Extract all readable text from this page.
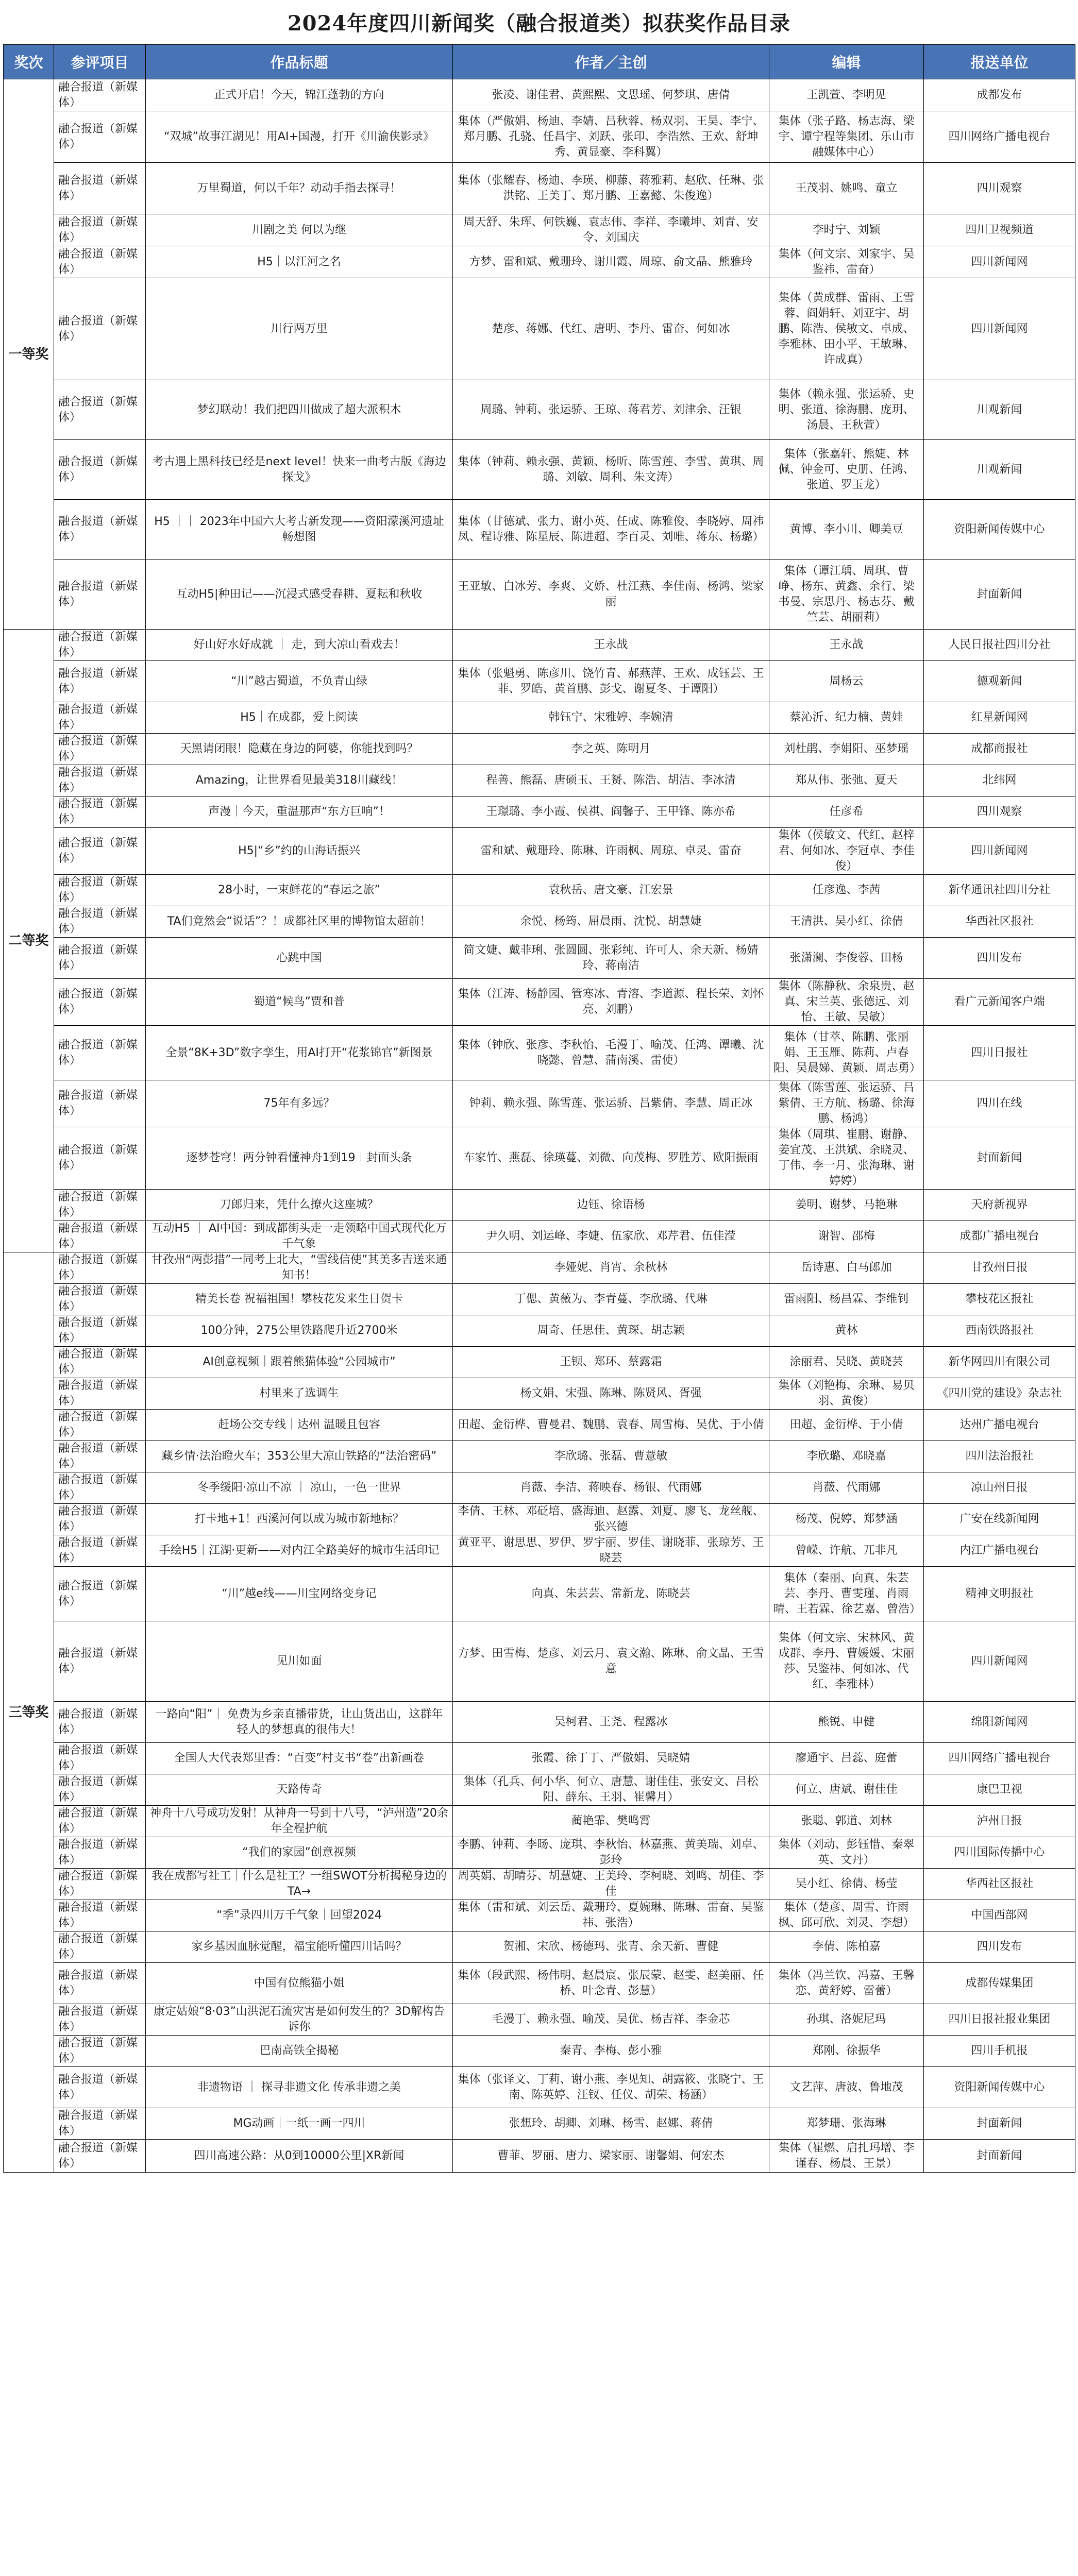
2024年度四川新闻奖（融合报道类）拟获奖作品目录
奖次	参评项目	作品标题	作者／主创	编辑	报送单位
一等奖	融合报道（新媒体）	正式开启！今天，锦江蓬勃的方向	张凌、谢佳君、黄熙熙、文思瑶、何梦琪、唐倩	王凯萱、李明见	成都发布
	融合报道（新媒体）	“双城”故事江湖见！用AI+国漫，打开《川渝侠影录》	集体（严傲娟、杨迪、李婧、吕秋蓉、杨双羽、王昊、李宁、郑月鹏、孔骁、任昌宇、刘跃、张印、李浩然、王欢、舒坤秀、黄显豪、李科翼）	集体（张子路、杨志海、梁宇、谭宁程等集团、乐山市融媒体中心）	四川网络广播电视台
	融合报道（新媒体）	万里蜀道，何以千年？动动手指去探寻！	集体（张耀春、杨迪、李瑛、柳藤、蒋雅莉、赵欣、任琳、张洪铭、王美丁、郑月鹏、王嘉懿、朱俊逸）	王茂羽、姚鸣、童立	四川观察
	融合报道（新媒体）	川剧之美 何以为继	周天舒、朱珲、何铁巍、袁志伟、李祥、李曦坤、刘青、安令、刘国庆	李时宁、刘颖	四川卫视频道
	融合报道（新媒体）	H5｜以江河之名	方梦、雷和斌、戴珊玲、谢川霞、周琼、俞文晶、熊雅玲	集体（何文宗、刘家宇、吴鉴祎、雷奋）	四川新闻网
	融合报道（新媒体）	川行两万里	楚彦、蒋娜、代红、唐明、李丹、雷奋、何如冰	集体（黄成群、雷雨、王雪蓉、阎娟轩、刘亚宇、胡鹏、陈浩、侯敏文、卓成、李雅林、田小平、王敏琳、许成真）	四川新闻网
	融合报道（新媒体）	梦幻联动！我们把四川做成了超大派积木	周璐、钟莉、张运骄、王琼、蒋君芳、刘津余、汪银	集体（赖永强、张运骄、史明、张道、徐海鹏、庞玥、汤晨、王秋萱）	川观新闻
	融合报道（新媒体）	考古遇上黑科技已经是next level！快来一曲考古版《海边探戈》	集体（钟莉、赖永强、黄颖、杨昕、陈雪莲、李雪、黄琪、周璐、刘敏、周利、朱文涛）	集体（张嘉轩、熊婕、林佩、钟金可、史册、任鸿、张道、罗玉龙）	川观新闻
	融合报道（新媒体）	H5 ｜｜ 2023年中国六大考古新发现——资阳濛溪河遗址畅想图	集体（甘德斌、张力、谢小英、任成、陈雅俊、李晓婷、周祎凤、程诗雅、陈星辰、陈进超、李百灵、刘唯、蒋东、杨璐）	黄博、李小川、卿美豆	资阳新闻传媒中心
	融合报道（新媒体）	互动H5|种田记——沉浸式感受春耕、夏耘和秋收	王亚敏、白冰芳、李爽、文娇、杜江燕、李佳南、杨鸿、梁家丽	集体（谭江瑀、周琪、曹峥、杨东、黄鑫、余行、梁书曼、宗思丹、杨志芬、戴竺芸、胡丽莉）	封面新闻
二等奖	融合报道（新媒体）	好山好水好成就 ｜ 走，到大凉山看戏去！	王永战	王永战	人民日报社四川分社
	融合报道（新媒体）	“川”越古蜀道，不负青山绿	集体（张魁勇、陈彦川、饶竹青、郝燕萍、王欢、成钰芸、王菲、罗皓、黄首鹏、彭戈、谢夏冬、于谭阳）	周杨云	德观新闻
	融合报道（新媒体）	H5｜在成都，爱上阅读	韩钰宁、宋雅婷、李婉清	蔡沁沂、纪力楠、黄娃	红星新闻网
	融合报道（新媒体）	天黑请闭眼！隐藏在身边的阿婆，你能找到吗？	李之英、陈明月	刘杜鹃、李娟阳、巫梦瑶	成都商报社
	融合报道（新媒体）	Amazing，让世界看见最美318川藏线！	程善、熊磊、唐硕玉、王赟、陈浩、胡洁、李冰清	郑从伟、张弛、夏天	北纬网
	融合报道（新媒体）	声漫｜今天，重温那声“东方巨响”！	王璟璐、李小霞、侯祺、阎馨子、王甲锋、陈亦希	任彦希	四川观察
	融合报道（新媒体）	H5|“乡”约的山海话振兴	雷和斌、戴珊玲、陈琳、许雨枫、周琼、卓灵、雷奋	集体（侯敏文、代红、赵梓君、何如冰、李冠卓、李佳俊）	四川新闻网
	融合报道（新媒体）	28小时，一束鲜花的“春运之旅”	袁秋岳、唐文豪、江宏景	任彦逸、李茜	新华通讯社四川分社
	融合报道（新媒体）	TA们竟然会“说话”？！成都社区里的博物馆太超前！	余悦、杨筠、屈晨雨、沈悦、胡慧婕	王清洪、吴小红、徐倩	华西社区报社
	融合报道（新媒体）	心跳中国	简文婕、戴菲琍、张圆圆、张彩纯、许可人、余天新、杨婧玲、蒋南洁	张潇澜、李俊蓉、田杨	四川发布
	融合报道（新媒体）	蜀道“候鸟”贾和普	集体（江涛、杨静园、管寒冰、青溶、李道源、程长荣、刘怀亮、刘鹏）	集体（陈静秋、余泉贵、赵真、宋兰英、张德远、刘怡、王敏、吴敏）	看广元新闻客户端
	融合报道（新媒体）	全景“8K+3D”数字孪生，用AI打开“花浆锦官”新图景	集体（钟欣、张彦、李秋怡、毛漫丁、喻茂、任鸿、谭曦、沈晓懿、曾慧、蒲南溪、雷使）	集体（甘萃、陈鹏、张丽娟、王玉雁、陈莉、卢春阳、吴晨娣、黄颖、周志勇）	四川日报社
	融合报道（新媒体）	75年有多远？	钟莉、赖永强、陈雪莲、张运骄、吕紫倩、李慧、周正冰	集体（陈雪莲、张运骄、吕紫倩、王方航、杨璐、徐海鹏、杨鸿）	四川在线
	融合报道（新媒体）	逐梦苍穹！两分钟看懂神舟1到19｜封面头条	车家竹、燕磊、徐瑛蔓、刘微、向茂梅、罗胜芳、欧阳振雨	集体（周琪、崔鹏、谢静、姜宜茂、王洪斌、余晓灵、丁伟、李一月、张海琳、谢婷婷）	封面新闻
	融合报道（新媒体）	刀郎归来，凭什么撩火这座城？	边钰、徐语杨	姜明、谢梦、马艳琳	天府新视界
	融合报道（新媒体）	互动H5 ｜ AI中国：到成都街头走一走领略中国式现代化万千气象	尹久明、刘运峰、李婕、伍家欣、邓芹君、伍佳滢	谢智、邵梅	成都广播电视台
三等奖	融合报道（新媒体）	甘孜州“两彭措”一同考上北大，“雪线信使”其美多吉送来通知书！	李娅妮、肖宵、余秋林	岳诗惠、白马郎加	甘孜州日报
	融合报道（新媒体）	精美长卷 祝福祖国！攀枝花发来生日贺卡	丁偲、黄薇为、李青蔓、李欣璐、代琳	雷雨阳、杨昌霖、李维钊	攀枝花区报社
	融合报道（新媒体）	100分钟，275公里铁路爬升近2700米	周奇、任思佳、黄琛、胡志颖	黄林	西南铁路报社
	融合报道（新媒体）	AI创意视频｜跟着熊猫体验“公园城市”	王钡、郑环、蔡露霜	涂丽君、吴晓、黄晓芸	新华网四川有限公司
	融合报道（新媒体）	村里来了选调生	杨文娟、宋强、陈琳、陈贤风、胥强	集体（刘艳梅、余琳、易贝羽、黄俊）	《四川党的建设》杂志社
	融合报道（新媒体）	赶场公交专线｜达州 温暖且包容	田超、金衍桦、曹曼君、魏鹏、袁春、周雪梅、吴优、于小倩	田超、金衍桦、于小倩	达州广播电视台
	融合报道（新媒体）	藏乡情·法治瞪火车；353公里大凉山铁路的“法治密码”	李欣璐、张磊、曹薏敏	李欣璐、邓晓嘉	四川法治报社
	融合报道（新媒体）	冬季缓阳·凉山不凉 ｜ 凉山，一色一世界	肖薇、李洁、蒋映春、杨银、代雨娜	肖薇、代雨娜	凉山州日报
	融合报道（新媒体）	打卡地+1！西溪河何以成为城市新地标？	李倩、王林、邓砭培、盛海迪、赵露、刘夏、廖飞、龙丝舰、张兴德	杨茂、倪婷、郑梦涵	广安在线新闻网
	融合报道（新媒体）	手绘H5｜江湖·更新——对内江全路美好的城市生活印记	黄亚平、谢思思、罗伊、罗宇丽、罗佳、谢晓菲、张琼芳、王晓芸	曾嵘、许航、兀非凡	内江广播电视台
	融合报道（新媒体）	“川”越e线——川宝网络变身记	向真、朱芸芸、常新龙、陈晓芸	集体（秦丽、向真、朱芸芸、李丹、曹雯瑾、肖雨晴、王若霖、徐艺嘉、曾浩）	精神文明报社
	融合报道（新媒体）	见川如面	方梦、田雪梅、楚彦、刘云月、袁文瀚、陈琳、俞文晶、王雪意	集体（何文宗、宋林风、黄成群、李丹、曹媛媛、宋丽莎、吴鉴祎、何如冰、代红、李雅林）	四川新闻网
	融合报道（新媒体）	一路向“阳”｜ 免费为乡亲直播带货，让山货出山，这群年轻人的梦想真的很伟大！	吴柯君、王尧、程露冰	熊锐、申健	绵阳新闻网
	融合报道（新媒体）	全国人大代表郑里香：“百变”村支书“卷”出新画卷	张霞、徐丁丁、严傲娟、吴晓婧	廖通宇、吕蕊、庭蕾	四川网络广播电视台
	融合报道（新媒体）	天路传奇	集体（孔兵、何小华、何立、唐慧、谢佳佳、张安文、吕松阳、薛东、王羽、崔馨月）	何立、唐斌、谢佳佳	康巴卫视
	融合报道（新媒体）	神舟十八号成功发射！从神舟一号到十八号，“泸州造”20余年全程护航	蔺艳霏、樊鸣霄	张聪、郭道、刘林	泸州日报
	融合报道（新媒体）	“我们的家园”创意视频	李鹏、钟莉、李旸、庞琪、李秋怡、林嘉燕、黄美瑞、刘卓、彭玲	集体（刘动、彭钰惜、秦翠英、文丹）	四川国际传播中心
	融合报道（新媒体）	我在成都写社工｜什么是社工？一组SWOT分析揭秘身边的TA→	周英娟、胡晴芬、胡慧婕、王美玲、李柯晓、刘鸣、胡佳、李佳	吴小红、徐倩、杨莹	华西社区报社
	融合报道（新媒体）	“季”录四川万千气象｜回望2024	集体（雷和斌、刘云岳、戴珊玲、夏婉琳、陈琳、雷奋、吴鉴祎、张浩）	集体（楚彦、周雪、许雨枫、邱可欣、刘灵、李想）	中国西部网
	融合报道（新媒体）	家乡基因血脉觉醒，福宝能听懂四川话吗？	贺湘、宋欣、杨德玛、张青、余天新、曹健	李倩、陈柏嘉	四川发布
	融合报道（新媒体）	中国有位熊猫小姐	集体（段武熙、杨伟明、赵晨宸、张辰蒙、赵雯、赵美丽、任桥、叶念青、彭慧）	集体（冯兰钦、冯嘉、王馨恋、黄舒婷、雷蕾）	成都传媒集团
	融合报道（新媒体）	康定姑娘“8·03”山洪泥石流灾害是如何发生的？3D解构告诉你	毛漫丁、赖永强、喻茂、吴优、杨吉祥、李金芯	孙琪、洛妮尼玛	四川日报社报业集团
	融合报道（新媒体）	巴南高铁全揭秘	秦青、李梅、彭小雅	郑刚、徐振华	四川手机报
	融合报道（新媒体）	非遗物语 ｜ 探寻非遗文化 传承非遗之美	集体（张译文、丁莉、谢小燕、李见知、胡露筱、张晓宁、王南、陈英婷、汪钗、任仪、胡荣、杨涵）	文艺萍、唐波、鲁地茂	资阳新闻传媒中心
	融合报道（新媒体）	MG动画｜一纸一画一四川	张想玲、胡卿、刘琳、杨雪、赵娜、蒋倩	郑梦珊、张海琳	封面新闻
	融合报道（新媒体）	四川高速公路：从0到10000公里|XR新闻	曹菲、罗丽、唐力、梁家丽、谢馨娟、何宏杰	集体（崔燃、启扎玛增、李谨春、杨晨、王景）	封面新闻
